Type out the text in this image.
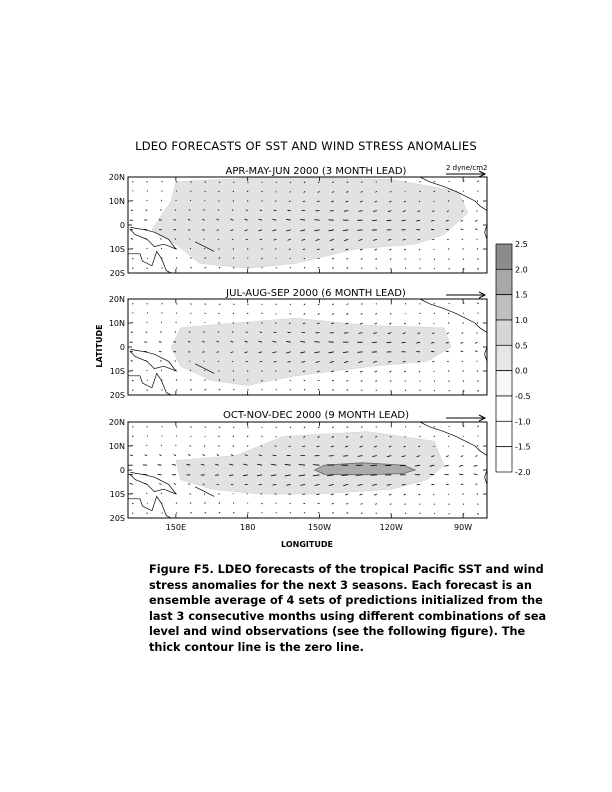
LDEO FORECASTS OF SST AND WIND STRESS ANOMALIES
APR-MAY-JUN 2000 (3 MONTH LEAD)	2 dyne/cm2
20N
10N
0
10S
20S
JUL-AUG-SEP 2000 (6 MONTH LEAD)
20N
10N
0
10S
20S
OCT-NOV-DEC 2000 (9 MONTH LEAD)
20N
10N
0
10S
20S
150E	180	150W	120W	90W
LONGITUDE
LATITUDE
2.5
2.0
1.5
1.0
0.5
0.0
-0.5
-1.0
-1.5
-2.0
Figure F5. LDEO forecasts of the tropical Pacific SST and wind
stress anomalies for the next 3 seasons. Each forecast is an
ensemble average of 4 sets of predictions initialized from the
last 3 consecutive months using different combinations of sea
level and wind observations (see the following figure). The
thick contour line is the zero line.
